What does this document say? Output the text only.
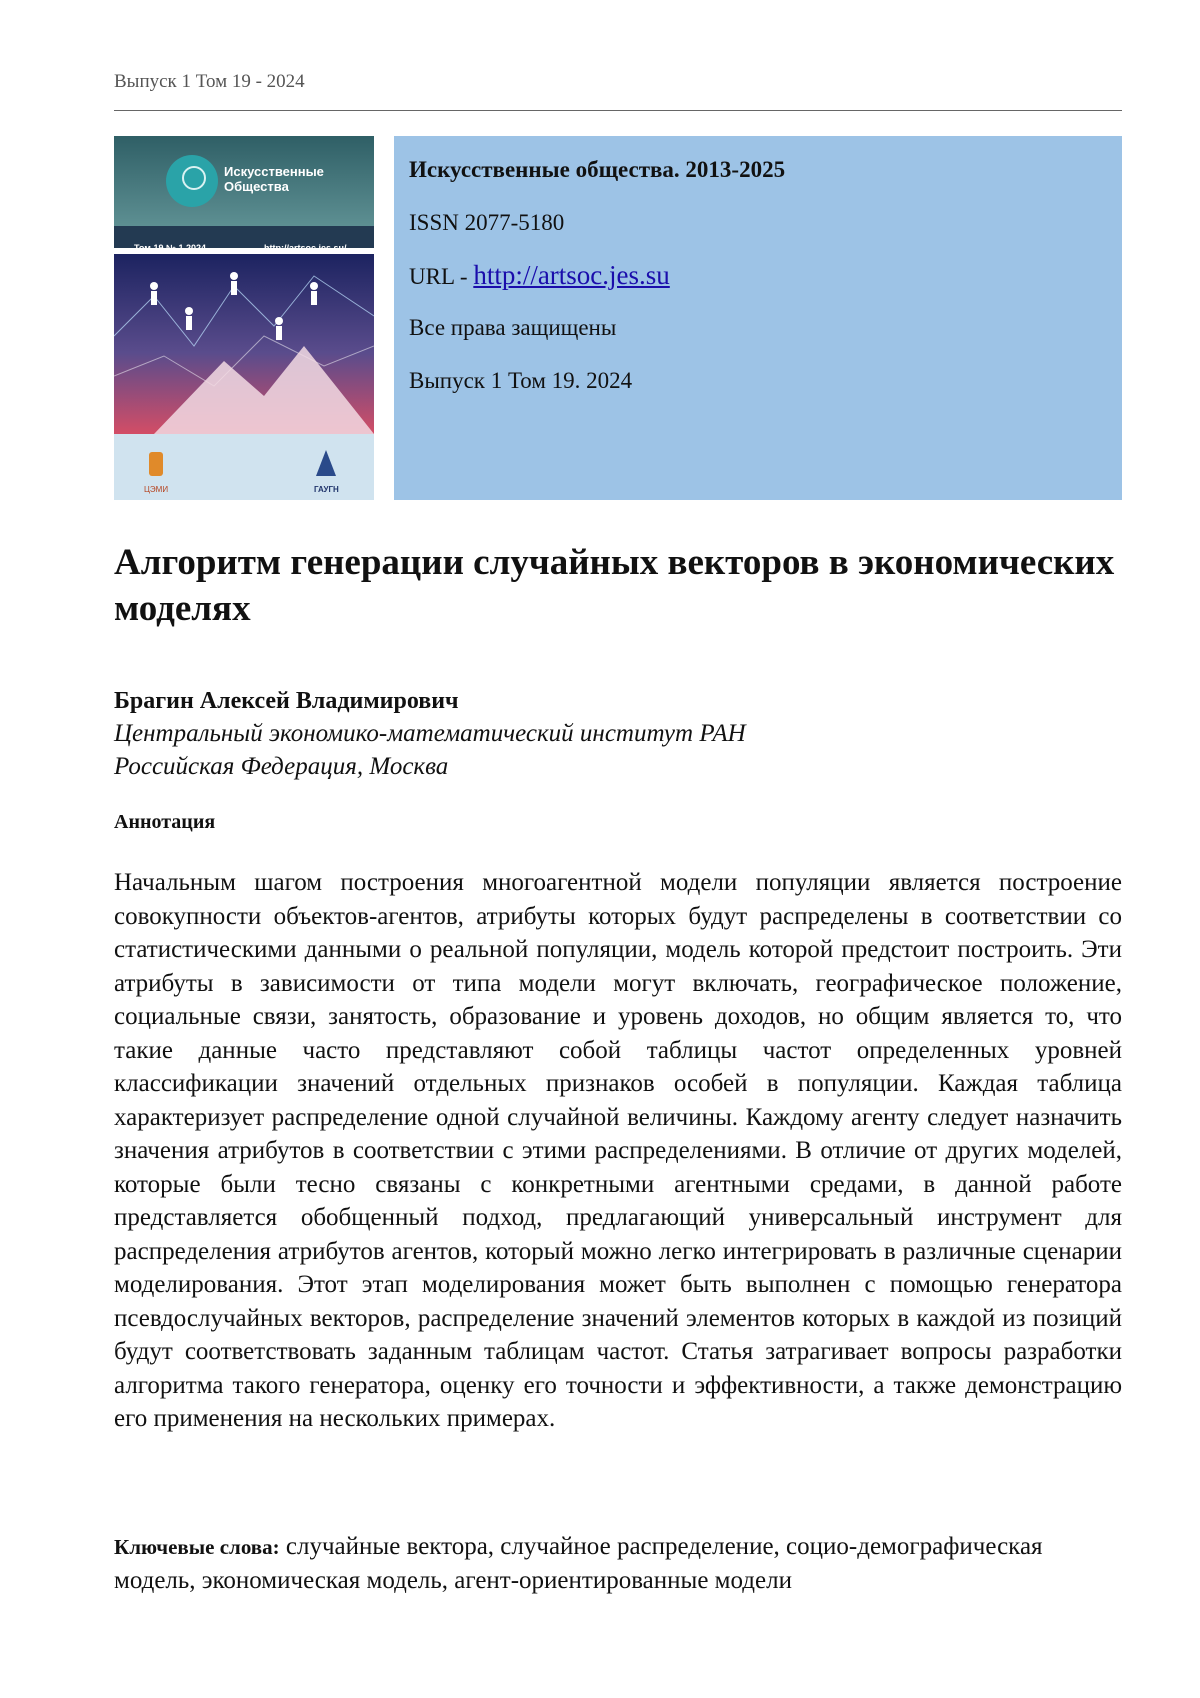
Выпуск 1 Том 19 - 2024
Искусственные
Общества
Том 19 № 1 2024	http://artsoc.jes.su/
ЦЭМИ	ГАУГН

Искусственные общества. 2013-2025

ISSN 2077-5180

URL - http://artsoc.jes.su

Все права защищены

Выпуск 1 Том 19. 2024

Алгоритм генерации случайных векторов в экономических моделях
Брагин Алексей Владимирович
Центральный экономико-математический институт РАН
Российская Федерация, Москва
Аннотация

Начальным шагом построения многоагентной модели популяции является построение совокупности объектов-агентов, атрибуты которых будут распределены в соответствии со статистическими данными о реальной популяции, модель которой предстоит построить. Эти атрибуты в зависимости от типа модели могут включать, географическое положение, социальные связи, занятость, образование и уровень доходов, но общим является то, что такие данные часто представляют собой таблицы частот определенных уровней классификации значений отдельных признаков особей в популяции. Каждая таблица характеризует распределение одной случайной величины. Каждому агенту следует назначить значения атрибутов в соответствии с этими распределениями. В отличие от других моделей, которые были тесно связаны с конкретными агентными средами, в данной работе представляется обобщенный подход, предлагающий универсальный инструмент для распределения атрибутов агентов, который можно легко интегрировать в различные сценарии моделирования. Этот этап моделирования может быть выполнен с помощью генератора псевдослучайных векторов, распределение значений элементов которых в каждой из позиций будут соответствовать заданным таблицам частот. Статья затрагивает вопросы разработки алгоритма такого генератора, оценку его точности и эффективности, а также демонстрацию его применения на нескольких примерах.

Ключевые слова: случайные вектора, случайное распределение, социо-демографическая модель, экономическая модель, агент-ориентированные модели
